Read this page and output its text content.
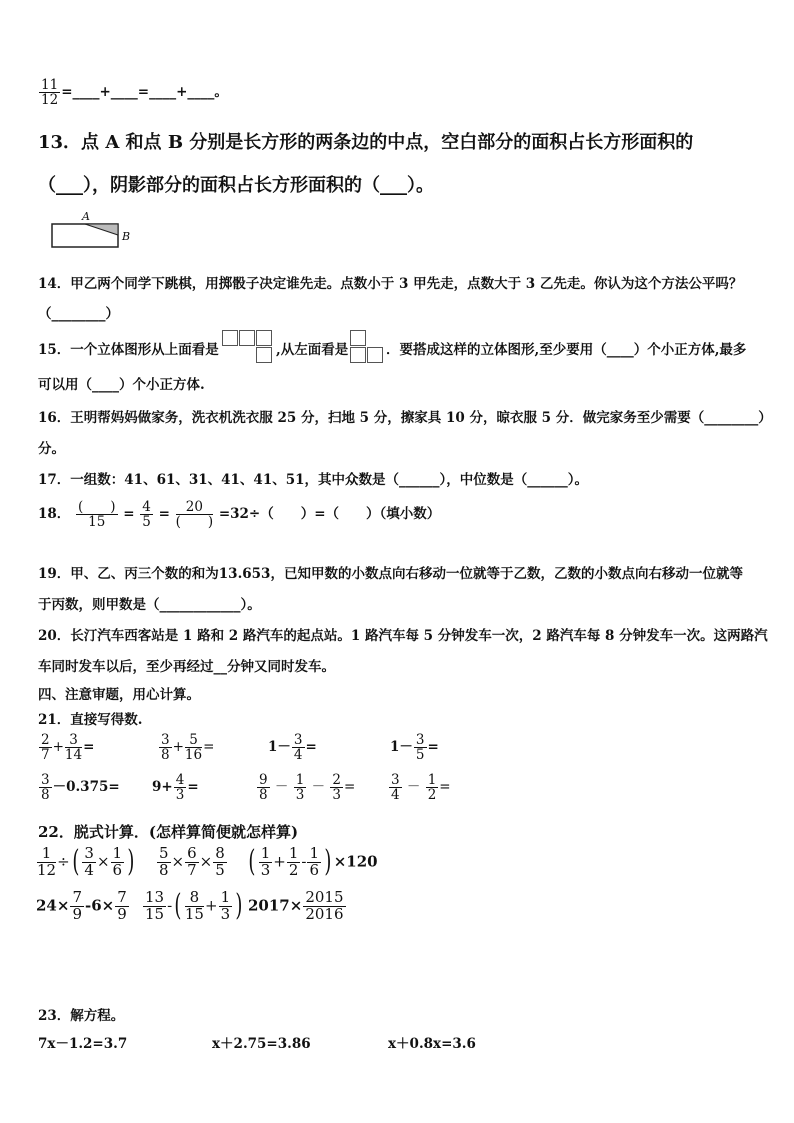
$\frac{11}{12}$ =____+____=____+____。
13．点 A 和点 B 分别是长方形的两条边的中点，空白部分的面积占长方形面积的
（___），阴影部分的面积占长方形面积的（___）。
A
B
14．甲乙两个同学下跳棋，用掷骰子决定谁先走。点数小于 3 甲先走，点数大于 3 乙先走。你认为这个方法公平吗？
（________）
15．一个立体图形从上面看是	,从左面看是	．要搭成这样的立体图形,至少要用（____）个小正方体,最多
可以用（____）个小正方体.
16．王明帮妈妈做家务，洗衣机洗衣服 25 分，扫地 5 分，擦家具 10 分，晾衣服 5 分．做完家务至少需要（________）
分。
17．一组数：41、61、31、41、41、51，其中众数是（______），中位数是（______）。
18． $\frac{( )}{15} = \frac{4}{5} = \frac{20}{( )} =32\div$（　　）=（　　）（填小数）
19．甲、乙、丙三个数的和为13.653，已知甲数的小数点向右移动一位就等于乙数，乙数的小数点向右移动一位就等
于丙数，则甲数是（____________）。
20．长汀汽车西客站是 1 路和 2 路汽车的起点站。1 路汽车每 5 分钟发车一次，2 路汽车每 8 分钟发车一次。这两路汽
车同时发车以后，至少再经过__分钟又同时发车。
四、注意审题，用心计算。
21．直接写得数.
$\frac{2}{7} + \frac{3}{14}$ =	$\frac{3}{8} + \frac{5}{16}$ =	$1- \frac{3}{4}$ =	$1- \frac{3}{5}$ =
$\frac{3}{8} -0.375= 9+ \frac{4}{3}$ =	$\frac{9}{8} - \frac{1}{3} - \frac{2}{3} = \frac{3}{4} - \frac{1}{2}$ =
22．脱式计算．(怎样算简便就怎样算)
$\frac{1}{12}$ ÷( $\frac{3}{4} \times \frac{1}{6}$ ) $\frac{5}{8} \times \frac{6}{7} \times \frac{8}{5}$ ( $\frac{1}{3} + \frac{1}{2} - \frac{1}{6}$ ) ×120
$24\times \frac{7}{9} -6\times \frac{7}{9} \frac{13}{15}$ -( $\frac{8}{15} + \frac{1}{3}$ ) $2017\times \frac{2015}{2016}$
23．解方程。
7x－1.2=3.7	x＋2.75=3.86	x＋0.8x=3.6
